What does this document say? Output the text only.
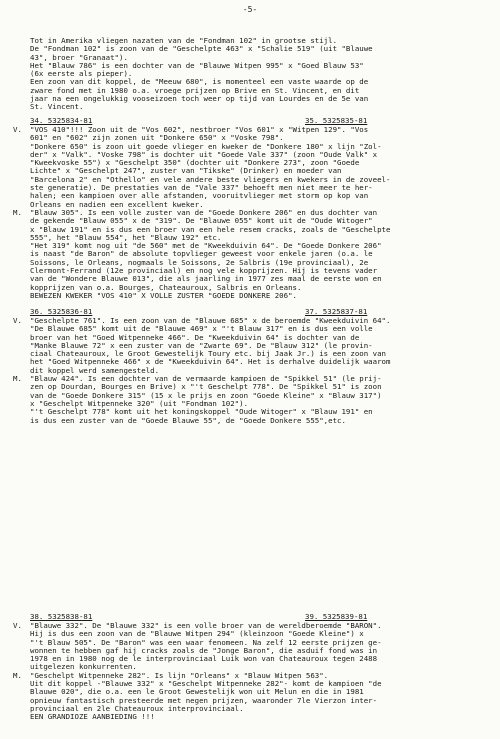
-5-
Tot in Amerika vliegen nazaten van de "Fondman 102" in grootse stijl.
De "Fondman 102" is zoon van de "Geschelpte 463" x "Schalie 519" (uit "Blauwe
43", broer "Granaat").
Het "Blauw 786" is een dochter van de "Blauwe Witpen 995" x "Goed Blauw 53"
(6x eerste als pieper).
Een zoon van dit koppel, de "Meeuw 680", is momenteel een vaste waarde op de
zware fond met in 1980 o.a. vroege prijzen op Brive en St. Vincent, en dit
jaar na een ongelukkig vooseizoen toch weer op tijd van Lourdes en de 5e van
St. Vincent.
34. 5325834-81	35. 5325835-81
V.	"VOS 410"!!! Zoon uit de "Vos 602", nestbroer "Vos 601" x "Witpen 129". "Vos
601" en "602" zijn zonen uit "Donkere 650" x "Voske 798".
"Donkere 650" is zoon uit goede vlieger en kweker de "Donkere 180" x lijn "Zol-
der" x "Valk". "Voske 798" is dochter uit "Goede Vale 337" (zoon "Oude Valk" x
"Kweekvoske 55") x "Geschelpt 350" (dochter uit "Donkere 273", zoon "Goede
Lichte" x "Geschelpt 247", zuster van "Tikske" (Drinker) en moeder van
"Barcelona 2" en "Othello" en vele andere beste vliegers en kwekers in de zoveel-
ste generatie). De prestaties van de "Vale 337" behoeft men niet meer te her-
halen; een kampioen over alle afstanden, vooruitvlieger met storm op kop van
Orleans en nadien een excellent kweker.
M.	"Blauw 305". Is een volle zuster van de "Goede Donkere 206" en dus dochter van
de gekende "Blauw 055" x de "319". De "Blauwe 055" komt uit de "Oude Witoger"
x "Blauw 191" en is dus een broer van een hele resem cracks, zoals de "Geschelpte
555", het "Blauw 554", het "Blauw 192" etc.
"Het 319" komt nog uit "de 560" met de "Kweekduivin 64". De "Goede Donkere 206"
is naast "de Baron" de absolute topvlieger geweest voor enkele jaren (o.a. le
Soissons, le Orleans, nogmaals le Soissons, 2e Salbris (19e provinciaal), 2e
Clermont-Ferrand (12e provinciaal) en nog vele kopprijzen. Hij is tevens vader
van de "Wondere Blauwe 013", die als jaarling in 1977 zes maal de eerste won en
kopprijzen van o.a. Bourges, Chateauroux, Salbris en Orleans.
BEWEZEN KWEKER "VOS 410" X VOLLE ZUSTER "GOEDE DONKERE 206".
36. 5325836-81	37. 5325837-81
V.	"Geschelpte 761". Is een zoon van de "Blauwe 685" x de beroemde "Kweekduivin 64".
"De Blauwe 685" komt uit de "Blauwe 469" x "'t Blauw 317" en is dus een volle
broer van het "Goed Witpenneke 466". De "Kweekduivin 64" is dochter van de
"Manke Blauwe 72" x een zuster van de "Zwarte 69". De "Blauw 312" (le provin-
ciaal Chateauroux, le Groot Gewestelijk Toury etc. bij Jaak Jr.) is een zoon van
het "Goed Witpenneke 466" x de "Kweekduivin 64". Het is derhalve duidelijk waarom
dit koppel werd samengesteld.
M.	"Blauw 424". Is een dochter van de vermaarde kampioen de "Spikkel 51" (le prij-
zen op Dourdan, Bourges en Brive) x "'t Geschelpt 778". De "Spikkel 51" is zoon
van de "Goede Donkere 315" (15 x le prijs en zoon "Goede Kleine" x "Blauw 317")
x "Geschelpt Witpenneke 320" (uit "Fondman 102").
"'t Geschelpt 778" komt uit het koningskoppel "Oude Witoger" x "Blauw 191" en
is dus een zuster van de "Goede Blauwe 55", de "Goede Donkere 555",etc.
38. 5325838-81	39. 5325839-81
V.	"Blauwe 332". De "Blauwe 332" is een volle broer van de wereldberoemde "BARON".
Hij is dus een zoon van de "Blauwe Witpen 294" (kleinzoon "Goede Kleine") x
"'t Blauw 505". De "Baron" was een waar fenomeen. Na zelf 12 eerste prijzen ge-
wonnen te hebben gaf hij cracks zoals de "Jonge Baron", die asduif fond was in
1978 en in 1980 nog de le interprovinciaal Luik won van Chateauroux tegen 2488
uitgelezen konkurrenten.
M.	"Geschelpt Witpenneke 282". Is lijn "Orleans" x "Blauw Witpen 563".
Uit dit koppel -"Blauwe 332" x "Geschelpt Witpenneke 282"- komt de kampioen "de
Blauwe 020", die o.a. een le Groot Gewestelijk won uit Melun en die in 1981
opnieuw fantastisch presteerde met negen prijzen, waaronder 7le Vierzon inter-
provinciaal en 2le Chateauroux interprovinciaal.
EEN GRANDIOZE AANBIEDING !!!
